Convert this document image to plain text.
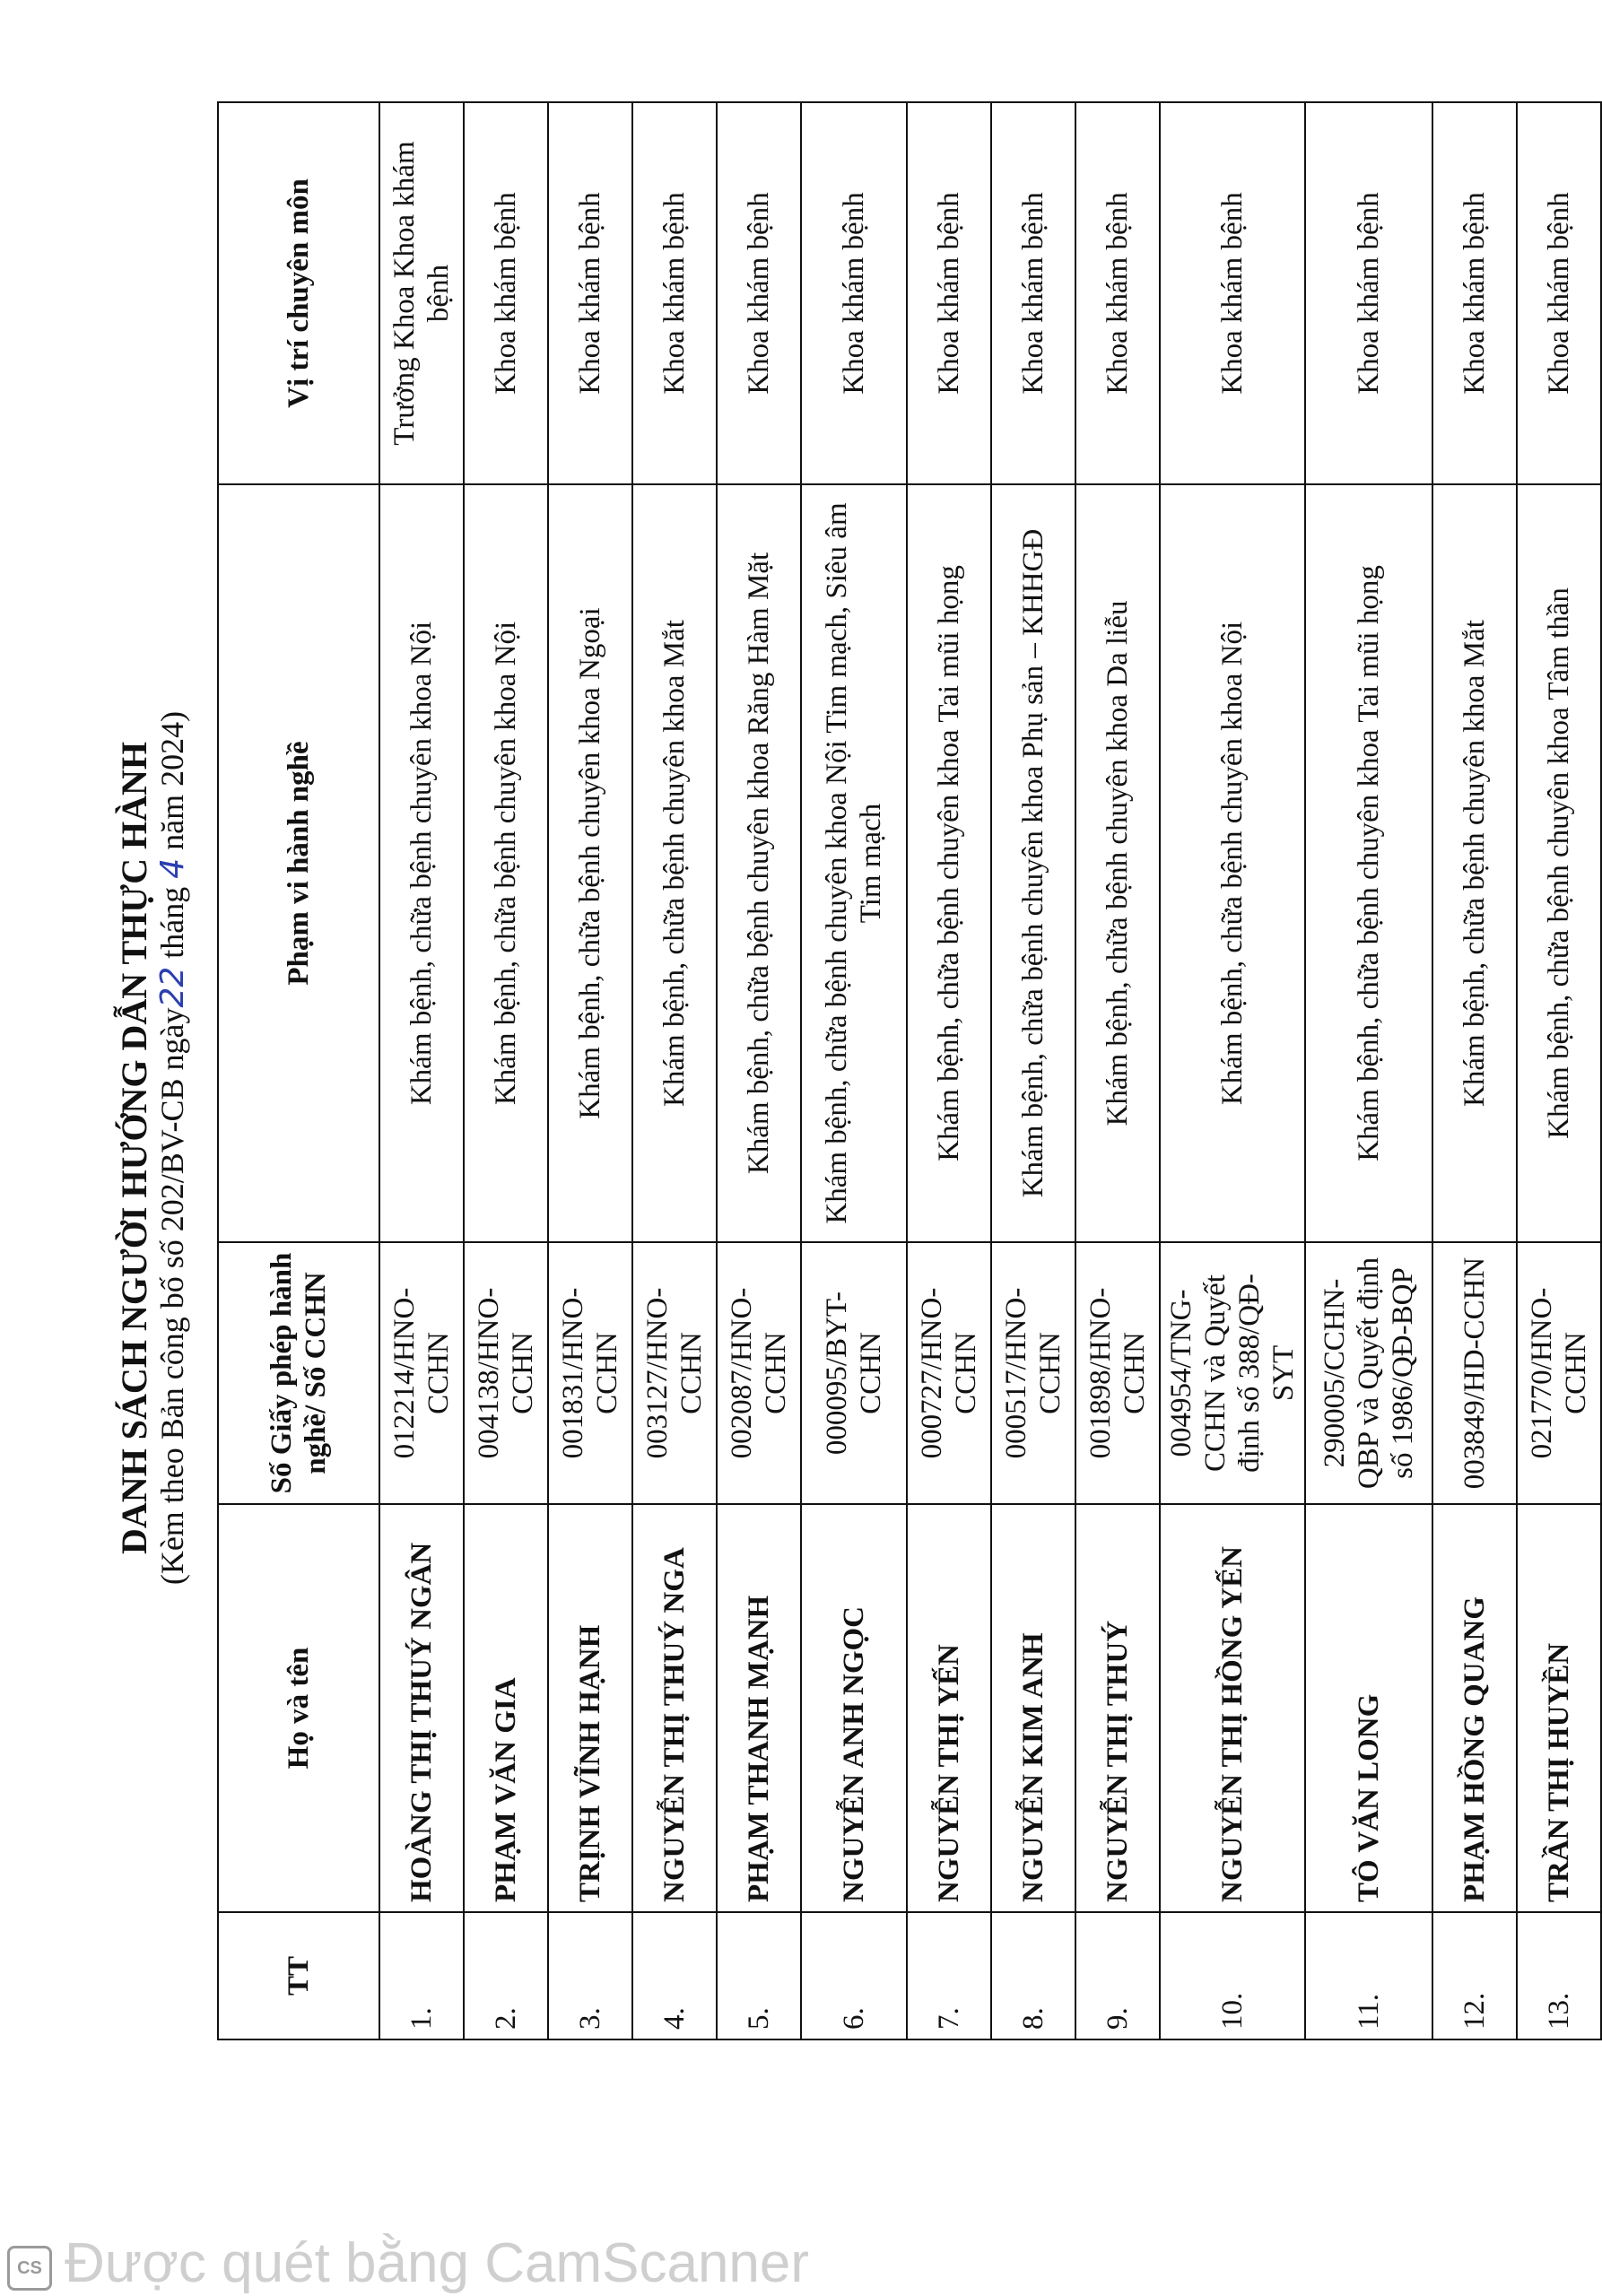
DANH SÁCH NGƯỜI HƯỚNG DẪN THỰC HÀNH (Kèm theo Bản công bố số 202/BV-CB ngày22 tháng 4 năm 2024)
TT	Họ và tên	Số Giấy phép hành nghề/ Số CCHN	Phạm vi hành nghề	Vị trí chuyên môn
1.	HOÀNG THỊ THUÝ NGÂN	012214/HNO-CCHN	Khám bệnh, chữa bệnh chuyên khoa Nội	Trưởng Khoa Khoa khám bệnh
2.	PHẠM VĂN GIA	004138/HNO-CCHN	Khám bệnh, chữa bệnh chuyên khoa Nội	Khoa khám bệnh
3.	TRỊNH VĨNH HẠNH	001831/HNO-CCHN	Khám bệnh, chữa bệnh chuyên khoa Ngoại	Khoa khám bệnh
4.	NGUYỄN THỊ THUÝ NGA	003127/HNO-CCHN	Khám bệnh, chữa bệnh chuyên khoa Mắt	Khoa khám bệnh
5.	PHẠM THANH MẠNH	002087/HNO-CCHN	Khám bệnh, chữa bệnh chuyên khoa Răng Hàm Mặt	Khoa khám bệnh
6.	NGUYỄN ANH NGỌC	000095/BYT-CCHN	Khám bệnh, chữa bệnh chuyên khoa Nội Tim mạch, Siêu âm Tim mạch	Khoa khám bệnh
7.	NGUYỄN THỊ YẾN	000727/HNO-CCHN	Khám bệnh, chữa bệnh chuyên khoa Tai mũi họng	Khoa khám bệnh
8.	NGUYỄN KIM ANH	000517/HNO-CCHN	Khám bệnh, chữa bệnh chuyên khoa Phụ sản – KHHGĐ	Khoa khám bệnh
9.	NGUYỄN THỊ THUÝ	001898/HNO-CCHN	Khám bệnh, chữa bệnh chuyên khoa Da liễu	Khoa khám bệnh
10.	NGUYỄN THỊ HỒNG YẾN	004954/TNG-CCHN và Quyết định số 388/QĐ-SYT	Khám bệnh, chữa bệnh chuyên khoa Nội	Khoa khám bệnh
11.	TÔ VĂN LONG	290005/CCHN-QBP và Quyết định số 1986/QĐ-BQP	Khám bệnh, chữa bệnh chuyên khoa Tai mũi họng	Khoa khám bệnh
12.	PHẠM HỒNG QUANG	003849/HD-CCHN	Khám bệnh, chữa bệnh chuyên khoa Mắt	Khoa khám bệnh
13.	TRẦN THỊ HUYỀN	021770/HNO-CCHN	Khám bệnh, chữa bệnh chuyên khoa Tâm thần	Khoa khám bệnh
CS Được quét bằng CamScanner
